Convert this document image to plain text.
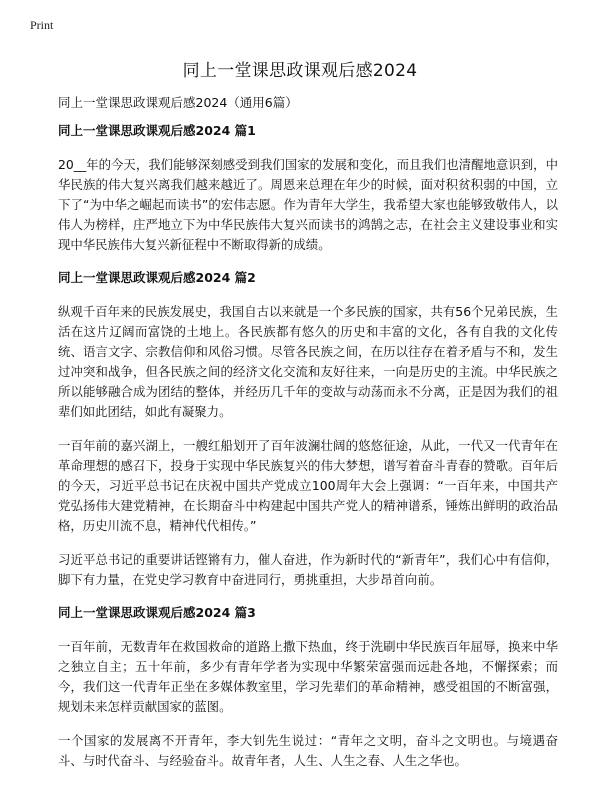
Print
同上一堂课思政课观后感2024

同上一堂课思政课观后感2024（通用6篇）

同上一堂课思政课观后感2024 篇1

20__年的今天，我们能够深刻感受到我们国家的发展和变化，而且我们也清醒地意识到，中华民族的伟大复兴离我们越来越近了。周恩来总理在年少的时候，面对积贫积弱的中国，立下了“为中华之崛起而读书”的宏伟志愿。作为青年大学生，我希望大家也能够致敬伟人，以伟人为榜样，庄严地立下为中华民族伟大复兴而读书的鸿鹄之志，在社会主义建设事业和实现中华民族伟大复兴新征程中不断取得新的成绩。

同上一堂课思政课观后感2024 篇2

纵观千百年来的民族发展史，我国自古以来就是一个多民族的国家，共有56个兄弟民族，生活在这片辽阔而富饶的土地上。各民族都有悠久的历史和丰富的文化，各有自我的文化传统、语言文字、宗教信仰和风俗习惯。尽管各民族之间，在历以往存在着矛盾与不和，发生过冲突和战争，但各民族之间的经济文化交流和友好往来，一向是历史的主流。中华民族之所以能够融合成为团结的整体，并经历几千年的变故与动荡而永不分离，正是因为我们的祖辈们如此团结，如此有凝聚力。

一百年前的嘉兴湖上，一艘红船划开了百年波澜壮阔的悠悠征途，从此，一代又一代青年在革命理想的感召下，投身于实现中华民族复兴的伟大梦想，谱写着奋斗青春的赞歌。百年后的今天，习近平总书记在庆祝中国共产党成立100周年大会上强调：“一百年来，中国共产党弘扬伟大建党精神，在长期奋斗中构建起中国共产党人的精神谱系，锤炼出鲜明的政治品格，历史川流不息，精神代代相传。”

习近平总书记的重要讲话铿锵有力，催人奋进，作为新时代的“新青年”，我们心中有信仰，脚下有力量，在党史学习教育中奋进同行，勇挑重担，大步昂首向前。

同上一堂课思政课观后感2024 篇3

一百年前，无数青年在救国救命的道路上撒下热血，终于洗刷中华民族百年屈辱，换来中华之独立自主；五十年前，多少有青年学者为实现中华繁荣富强而远赴各地，不懈探索；而今，我们这一代青年正坐在多媒体教室里，学习先辈们的革命精神，感受祖国的不断富强，规划未来怎样贡献国家的蓝图。

一个国家的发展离不开青年，李大钊先生说过：“青年之文明，奋斗之文明也。与境遇奋斗、与时代奋斗、与经验奋斗。故青年者，人生、人生之春、人生之华也。
